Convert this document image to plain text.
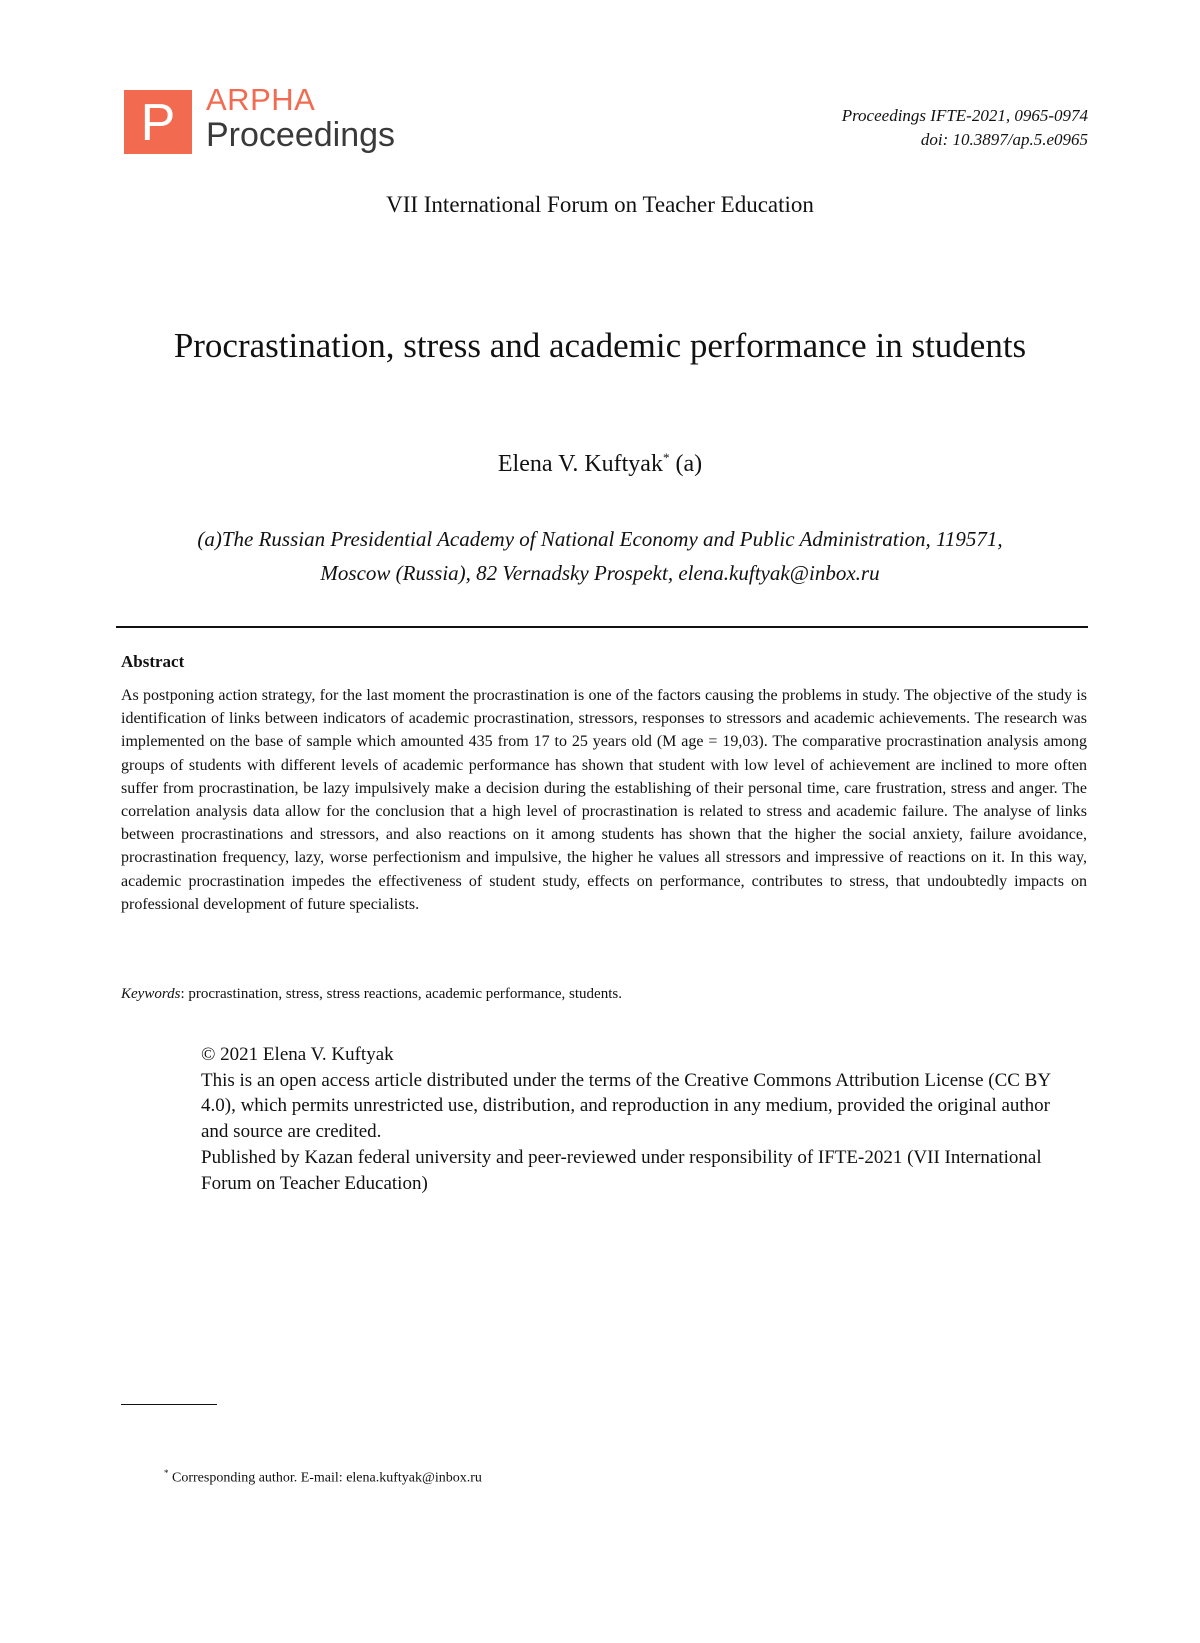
P ARPHA
Proceedings
Proceedings IFTE-2021, 0965-0974
doi: 10.3897/ap.5.e0965
VII International Forum on Teacher Education
Procrastination, stress and academic performance in students
Elena V. Kuftyak* (a)
(a)The Russian Presidential Academy of National Economy and Public Administration, 119571,
Moscow (Russia), 82 Vernadsky Prospekt, elena.kuftyak@inbox.ru
Abstract
As postponing action strategy, for the last moment the procrastination is one of the factors causing the problems in study. The objective of the study is identification of links between indicators of academic procrastination, stressors, responses to stressors and academic achievements. The research was implemented on the base of sample which amounted 435 from 17 to 25 years old (M age = 19,03). The comparative procrastination analysis among groups of students with different levels of academic performance has shown that student with low level of achievement are inclined to more often suffer from procrastination, be lazy impulsively make a decision during the establishing of their personal time, care frustration, stress and anger. The correlation analysis data allow for the conclusion that a high level of procrastination is related to stress and academic failure. The analyse of links between procrastinations and stressors, and also reactions on it among students has shown that the higher the social anxiety, failure avoidance, procrastination frequency, lazy, worse perfectionism and impulsive, the higher he values all stressors and impressive of reactions on it. In this way, academic procrastination impedes the effectiveness of student study, effects on performance, contributes to stress, that undoubtedly impacts on professional development of future specialists.
Keywords: procrastination, stress, stress reactions, academic performance, students.

© 2021 Elena V. Kuftyak

This is an open access article distributed under the terms of the Creative Commons Attribution License (CC BY 4.0), which permits unrestricted use, distribution, and reproduction in any medium, provided the original author and source are credited.

Published by Kazan federal university and peer-reviewed under responsibility of IFTE-2021 (VII International Forum on Teacher Education)

* Corresponding author. E-mail: elena.kuftyak@inbox.ru
